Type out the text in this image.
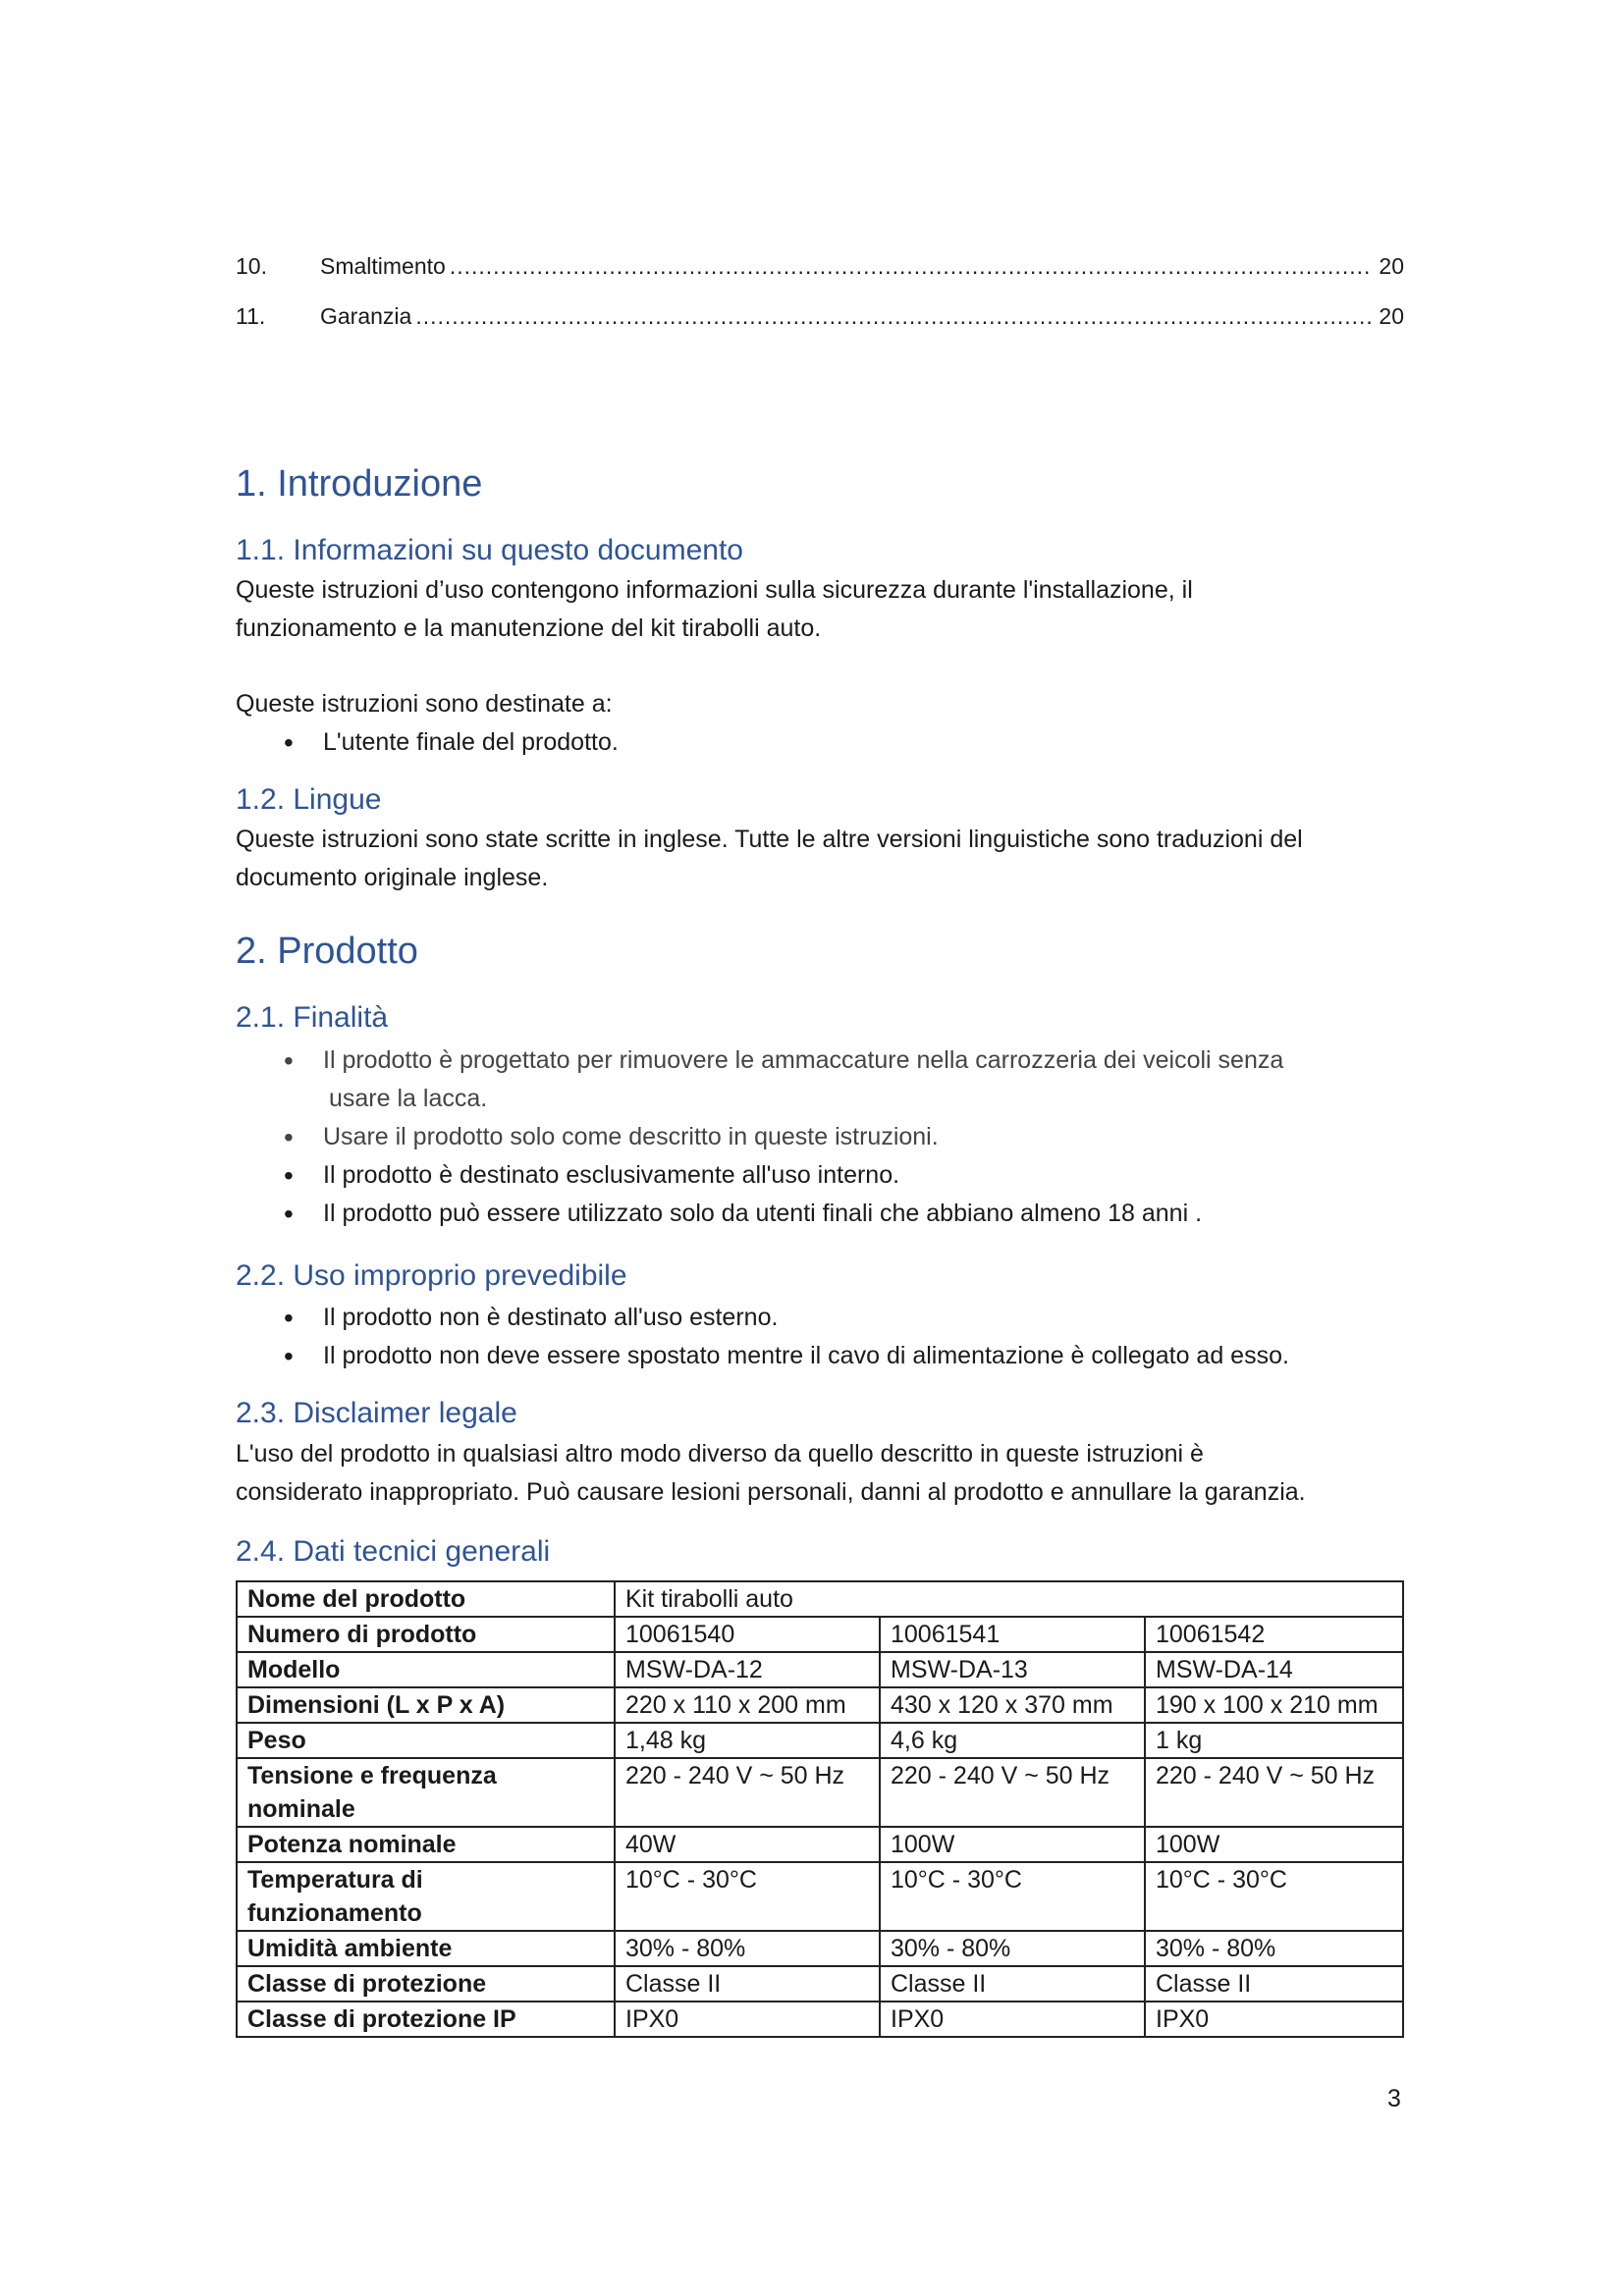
10.	Smaltimento .....	20
11.	Garanzia .....	20
1. Introduzione
1.1. Informazioni su questo documento

Queste istruzioni d’uso contengono informazioni sulla sicurezza durante l'installazione, il
funzionamento e la manutenzione del kit tirabolli auto.

Queste istruzioni sono destinate a:

• L'utente finale del prodotto.
1.2. Lingue

Queste istruzioni sono state scritte in inglese. Tutte le altre versioni linguistiche sono traduzioni del
documento originale inglese.

2. Prodotto
2.1. Finalità
• Il prodotto è progettato per rimuovere le ammaccature nella carrozzeria dei veicoli senza

usare la lacca.
• Usare il prodotto solo come descritto in queste istruzioni.
• Il prodotto è destinato esclusivamente all'uso interno.
• Il prodotto può essere utilizzato solo da utenti finali che abbiano almeno 18 anni .
2.2. Uso improprio prevedibile
• Il prodotto non è destinato all'uso esterno.
• Il prodotto non deve essere spostato mentre il cavo di alimentazione è collegato ad esso.
2.3. Disclaimer legale

L'uso del prodotto in qualsiasi altro modo diverso da quello descritto in queste istruzioni è
considerato inappropriato. Può causare lesioni personali, danni al prodotto e annullare la garanzia.

2.4. Dati tecnici generali
Nome del prodotto	Kit tirabolli auto		
Numero di prodotto	10061540	10061541	10061542
Modello	MSW-DA-12	MSW-DA-13	MSW-DA-14
Dimensioni (L x P x A)	220 x 110 x 200 mm	430 x 120 x 370 mm	190 x 100 x 210 mm
Peso	1,48 kg	4,6 kg	1 kg
Tensione e frequenza nominale	220 - 240 V ~ 50 Hz	220 - 240 V ~ 50 Hz	220 - 240 V ~ 50 Hz
Potenza nominale	40W	100W	100W
Temperatura di funzionamento	10°C - 30°C	10°C - 30°C	10°C - 30°C
Umidità ambiente	30% - 80%	30% - 80%	30% - 80%
Classe di protezione	Classe II	Classe II	Classe II
Classe di protezione IP	IPX0	IPX0	IPX0
3
